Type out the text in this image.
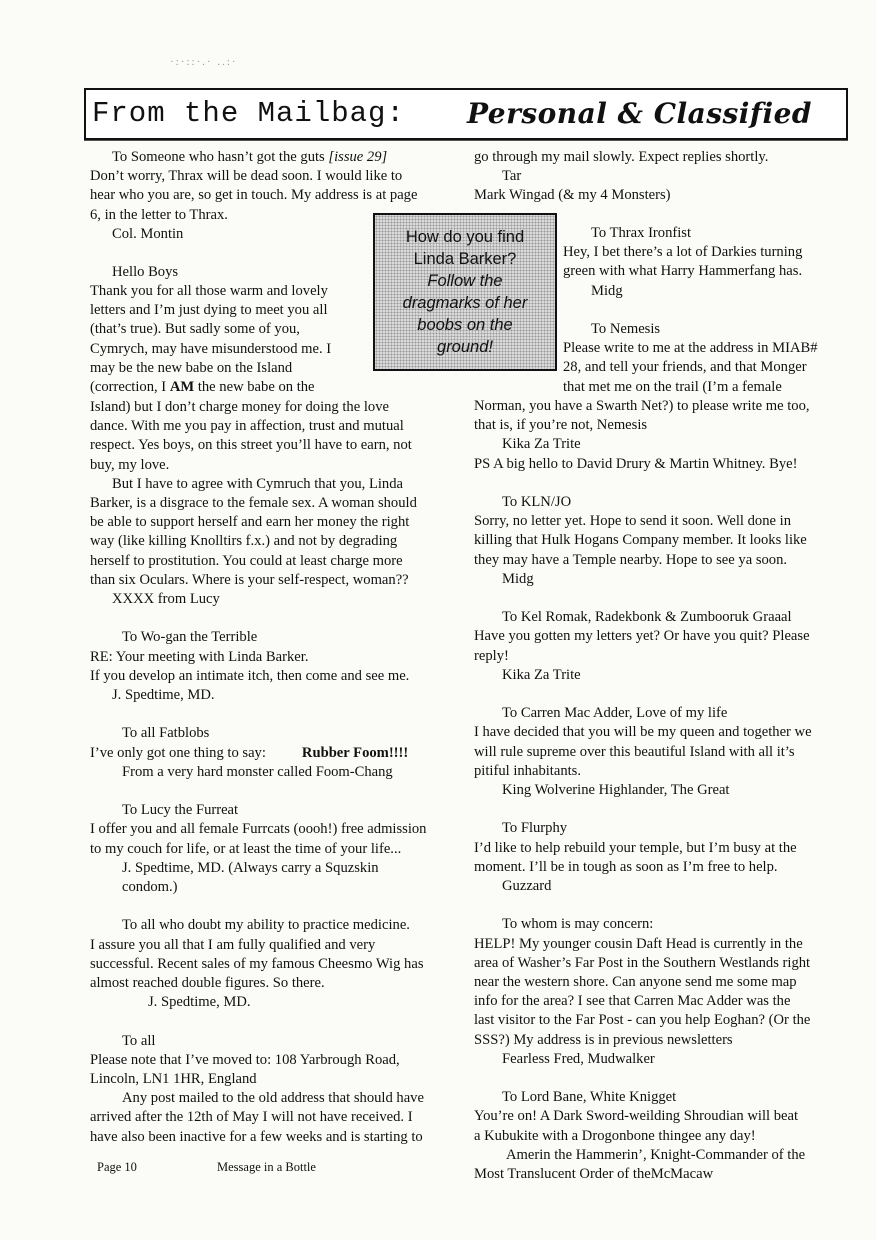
·:·::·.· ..:·
From the Mailbag: Personal & Classified
How do you find
Linda Barker?
Follow the
dragmarks of her
boobs on the
ground!

To Someone who hasn’t got the guts [issue 29]

Don’t worry, Thrax will be dead soon. I would like to

hear who you are, so get in touch. My address is at page

6, in the letter to Thrax.

Col. Montin

Hello Boys

Thank you for all those warm and lovely

letters and I’m just dying to meet you all

(that’s true). But sadly some of you,

Cymrych, may have misunderstood me. I

may be the new babe on the Island

(correction, I AM the new babe on the

Island) but I don’t charge money for doing the love

dance. With me you pay in affection, trust and mutual

respect. Yes boys, on this street you’ll have to earn, not

buy, my love.

But I have to agree with Cymruch that you, Linda

Barker, is a disgrace to the female sex. A woman should

be able to support herself and earn her money the right

way (like killing Knolltirs f.x.) and not by degrading

herself to prostitution. You could at least charge more

than six Oculars. Where is your self-respect, woman??

XXXX from Lucy

To Wo-gan the Terrible

RE: Your meeting with Linda Barker.

If you develop an intimate itch, then come and see me.

J. Spedtime, MD.

To all Fatblobs

I’ve only got one thing to say: Rubber Foom!!!!

From a very hard monster called Foom-Chang

To Lucy the Furreat

I offer you and all female Furrcats (oooh!) free admission

to my couch for life, or at least the time of your life...

J. Spedtime, MD. (Always carry a Squzskin

condom.)

To all who doubt my ability to practice medicine.

I assure you all that I am fully qualified and very

successful. Recent sales of my famous Cheesmo Wig has

almost reached double figures. So there.

J. Spedtime, MD.

To all

Please note that I’ve moved to: 108 Yarbrough Road,

Lincoln, LN1 1HR, England

Any post mailed to the old address that should have

arrived after the 12th of May I will not have received. I

have also been inactive for a few weeks and is starting to

go through my mail slowly. Expect replies shortly.

Tar

Mark Wingad (& my 4 Monsters)

To Thrax Ironfist

Hey, I bet there’s a lot of Darkies turning

green with what Harry Hammerfang has.

Midg

To Nemesis

Please write to me at the address in MIAB#

28, and tell your friends, and that Monger

that met me on the trail (I’m a female

Norman, you have a Swarth Net?) to please write me too,

that is, if you’re not, Nemesis

Kika Za Trite

PS A big hello to David Drury & Martin Whitney. Bye!

To KLN/JO

Sorry, no letter yet. Hope to send it soon. Well done in

killing that Hulk Hogans Company member. It looks like

they may have a Temple nearby. Hope to see ya soon.

Midg

To Kel Romak, Radekbonk & Zumbooruk Graaal

Have you gotten my letters yet? Or have you quit? Please

reply!

Kika Za Trite

To Carren Mac Adder, Love of my life

I have decided that you will be my queen and together we

will rule supreme over this beautiful Island with all it’s

pitiful inhabitants.

King Wolverine Highlander, The Great

To Flurphy

I’d like to help rebuild your temple, but I’m busy at the

moment. I’ll be in tough as soon as I’m free to help.

Guzzard

To whom is may concern:

HELP! My younger cousin Daft Head is currently in the

area of Washer’s Far Post in the Southern Westlands right

near the western shore. Can anyone send me some map

info for the area? I see that Carren Mac Adder was the

last visitor to the Far Post - can you help Eoghan? (Or the

SSS?) My address is in previous newsletters

Fearless Fred, Mudwalker

To Lord Bane, White Knigget

You’re on! A Dark Sword-weilding Shroudian will beat

a Kubukite with a Drogonbone thingee any day!

Amerin the Hammerin’, Knight-Commander of the

Most Translucent Order of theMcMacaw

Page 10	Message in a Bottle
